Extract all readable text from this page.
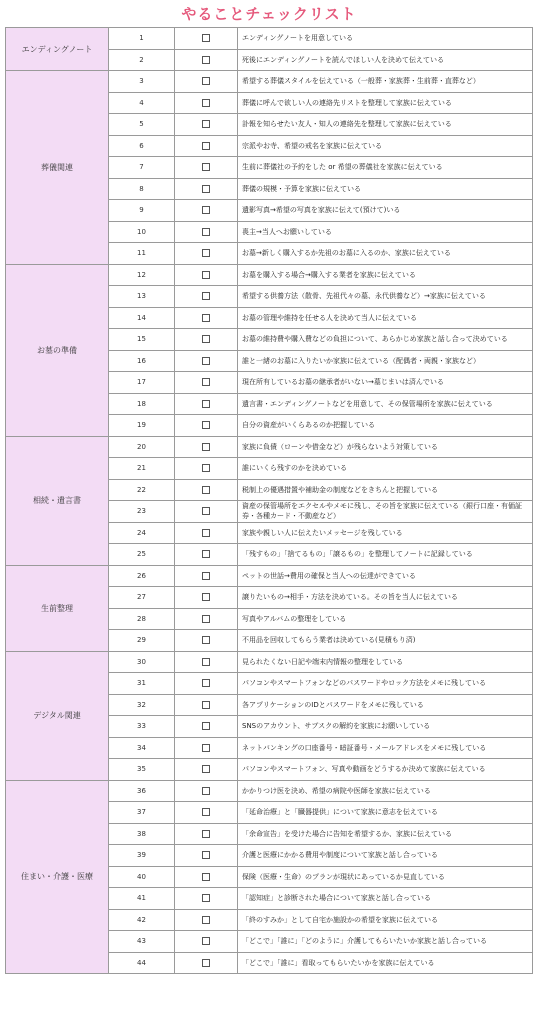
やることチェックリスト
エンディングノート	1		エンディングノートを用意している
	2		死後にエンディングノートを読んでほしい人を決めて伝えている
葬儀関連	3		希望する葬儀スタイルを伝えている（一般葬・家族葬・生前葬・直葬など）
	4		葬儀に呼んで欲しい人の連絡先リストを整理して家族に伝えている
	5		訃報を知らせたい友人・知人の連絡先を整理して家族に伝えている
	6		宗派やお寺、希望の戒名を家族に伝えている
	7		生前に葬儀社の予約をした or 希望の葬儀社を家族に伝えている
	8		葬儀の規模・予算を家族に伝えている
	9		遺影写真→希望の写真を家族に伝えて(預けて)いる
	10		喪主→当人へお願いしている
	11		お墓→新しく購入するか先祖のお墓に入るのか、家族に伝えている
お墓の準備	12		お墓を購入する場合→購入する業者を家族に伝えている
	13		希望する供養方法（散骨、先祖代々の墓、永代供養など）→家族に伝えている
	14		お墓の管理や維持を任せる人を決めて当人に伝えている
	15		お墓の維持費や購入費などの負担について、あらかじめ家族と話し合って決めている
	16		誰と一緒のお墓に入りたいか家族に伝えている（配偶者・両親・家族など）
	17		現在所有しているお墓の継承者がいない→墓じまいは済んでいる
	18		遺言書・エンディングノートなどを用意して、その保管場所を家族に伝えている
	19		自分の資産がいくらあるのか把握している
相続・遺言書	20		家族に負債（ローンや借金など）が残らないよう対策している
	21		誰にいくら残すのかを決めている
	22		税制上の優遇措置や補助金の制度などをきちんと把握している
	23		資産の保管場所をエクセルやメモに残し、その旨を家族に伝えている（銀行口座・有価証券・各種カード・不動産など）
	24		家族や親しい人に伝えたいメッセージを残している
	25		「残すもの」「捨てるもの」「譲るもの」を整理してノートに記録している
生前整理	26		ペットの世話→費用の確保と当人への伝達ができている
	27		譲りたいもの→相手・方法を決めている。その旨を当人に伝えている
	28		写真やアルバムの整理をしている
	29		不用品を回収してもらう業者は決めている(見積もり済)
デジタル関連	30		見られたくない日記や端末内情報の整理をしている
	31		パソコンやスマートフォンなどのパスワードやロック方法をメモに残している
	32		各アプリケーションのIDとパスワードをメモに残している
	33		SNSのアカウント、サブスクの解約を家族にお願いしている
	34		ネットバンキングの口座番号・暗証番号・メールアドレスをメモに残している
	35		パソコンやスマートフォン、写真や動画をどうするか決めて家族に伝えている
住まい・介護・医療	36		かかりつけ医を決め、希望の病院や医師を家族に伝えている
	37		「延命治療」と「臓器提供」について家族に意志を伝えている
	38		「余命宣告」を受けた場合に告知を希望するか、家族に伝えている
	39		介護と医療にかかる費用や制度について家族と話し合っている
	40		保険（医療・生命）のプランが現状にあっているか見直している
	41		「認知症」と診断された場合について家族と話し合っている
	42		「終のすみか」として自宅か施設かの希望を家族に伝えている
	43		「どこで」「誰に」「どのように」介護してもらいたいか家族と話し合っている
	44		「どこで」「誰に」看取ってもらいたいかを家族に伝えている
